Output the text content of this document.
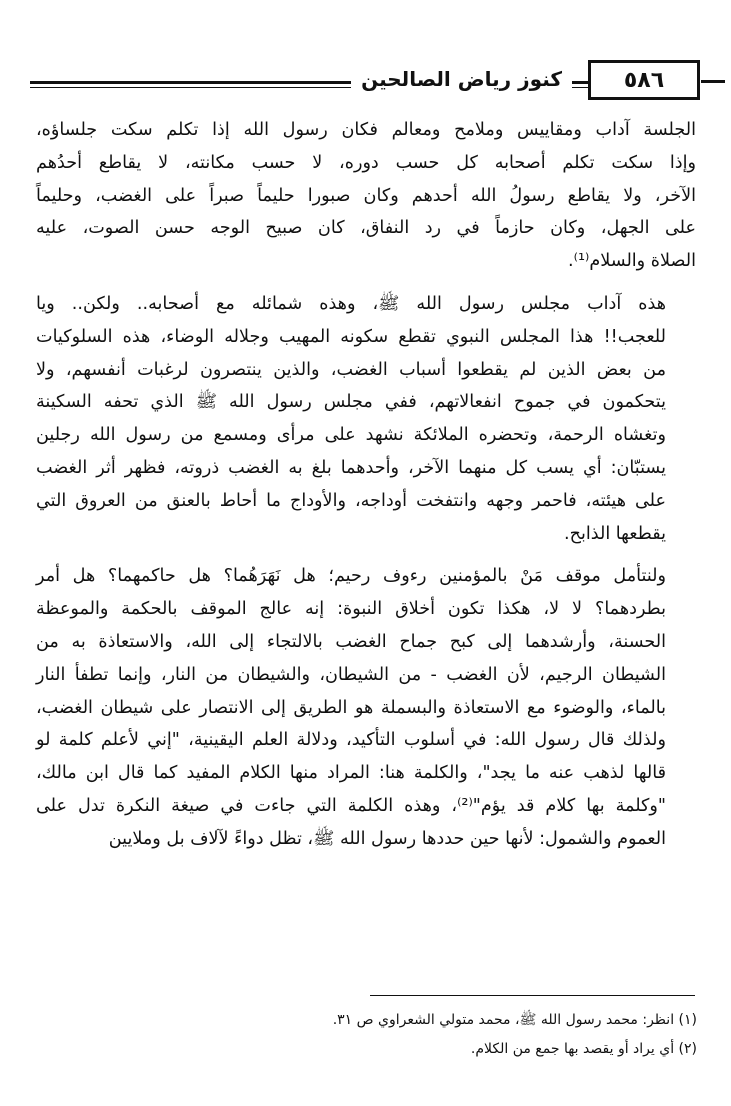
٥٨٦
كنوز رياض الصالحين
الجلسة آداب ومقاييس وملامح ومعالم فكان رسول الله إذا تكلم سكت جلساؤه،
وإذا سكت تكلم أصحابه كل حسب دوره، لا حسب مكانته، لا يقاطع أحدُهم
الآخر، ولا يقاطع رسولُ الله أحدهم وكان صبورا حليماً صبراً على الغضب، وحليماً
على الجهل، وكان حازماً في رد النفاق، كان صبيح الوجه حسن الصوت، عليه
الصلاة والسلام⁽¹⁾.
هذه آداب مجلس رسول الله ﷺ، وهذه شمائله مع أصحابه.. ولكن.. ويا
للعجب!! هذا المجلس النبوي تقطع سكونه المهيب وجلاله الوضاء، هذه السلوكيات
من بعض الذين لم يقطعوا أسباب الغضب، والذين ينتصرون لرغبات أنفسهم، ولا
يتحكمون في جموح انفعالاتهم، ففي مجلس رسول الله ﷺ الذي تحفه السكينة
وتغشاه الرحمة، وتحضره الملائكة نشهد على مرأى ومسمع من رسول الله رجلين
يستبّان: أي يسب كل منهما الآخر، وأحدهما بلغ به الغضب ذروته، فظهر أثر الغضب
على هيئته، فاحمر وجهه وانتفخت أوداجه، والأوداج ما أحاط بالعنق من العروق التي
يقطعها الذابح.
ولنتأمل موقف مَنْ بالمؤمنين رءوف رحيم؛ هل نَهَرَهُما؟ هل حاكمهما؟ هل أمر
بطردهما؟ لا لا، هكذا تكون أخلاق النبوة: إنه عالج الموقف بالحكمة والموعظة
الحسنة، وأرشدهما إلى كبح جماح الغضب بالالتجاء إلى الله، والاستعاذة به من
الشيطان الرجيم، لأن الغضب - من الشيطان، والشيطان من النار، وإنما تطفأ النار
بالماء، والوضوء مع الاستعاذة والبسملة هو الطريق إلى الانتصار على شيطان الغضب،
ولذلك قال رسول الله: في أسلوب التأكيد، ودلالة العلم اليقينية، "إني لأعلم كلمة لو
قالها لذهب عنه ما يجد"، والكلمة هنا: المراد منها الكلام المفيد كما قال ابن مالك،
"وكلمة بها كلام قد يؤم"⁽²⁾، وهذه الكلمة التي جاءت في صيغة النكرة تدل على
العموم والشمول: لأنها حين حددها رسول الله ﷺ، تظل دواءً لآلاف بل وملايين
(١) انظر: محمد رسول الله ﷺ، محمد متولي الشعراوي ص ٣١.
(٢) أي يراد أو يقصد بها جمع من الكلام.
